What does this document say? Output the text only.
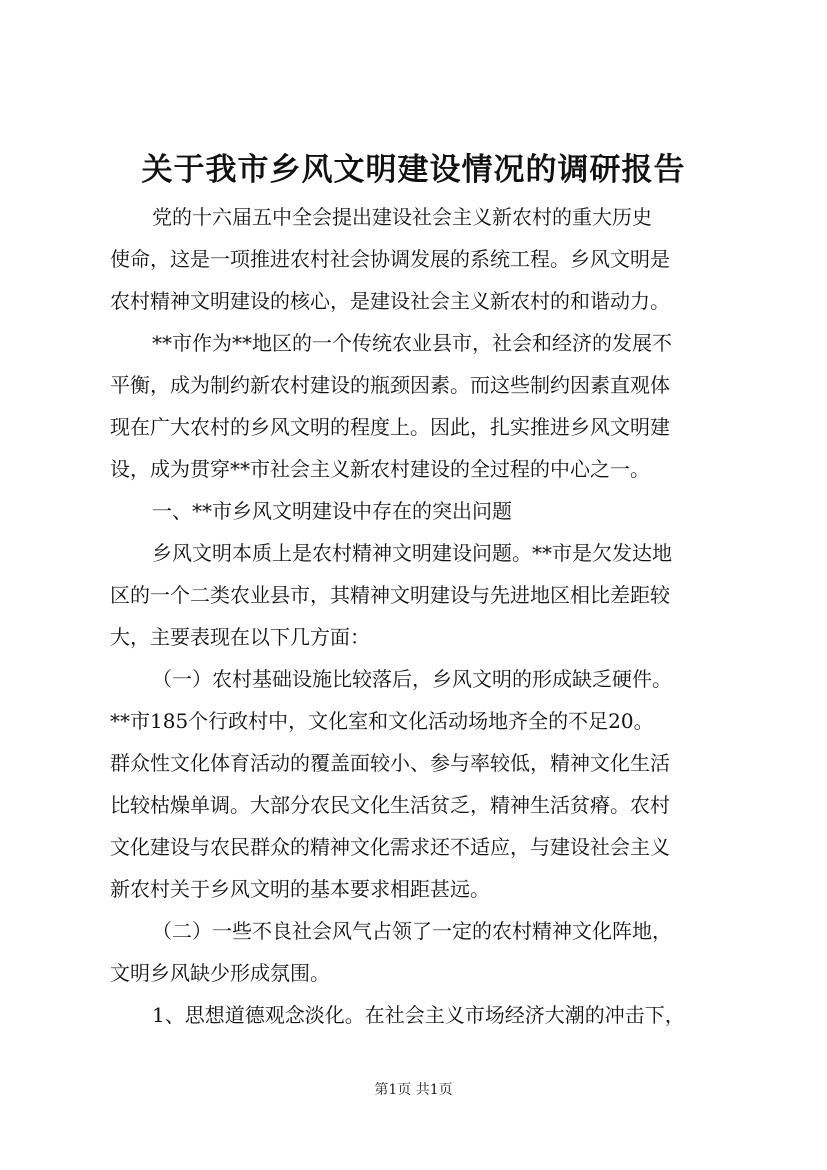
关于我市乡风文明建设情况的调研报告
党的十六届五中全会提出建设社会主义新农村的重大历史
使命，这是一项推进农村社会协调发展的系统工程。乡风文明是
农村精神文明建设的核心，是建设社会主义新农村的和谐动力。
**市作为**地区的一个传统农业县市，社会和经济的发展不
平衡，成为制约新农村建设的瓶颈因素。而这些制约因素直观体
现在广大农村的乡风文明的程度上。因此，扎实推进乡风文明建
设，成为贯穿**市社会主义新农村建设的全过程的中心之一。
一、**市乡风文明建设中存在的突出问题
乡风文明本质上是农村精神文明建设问题。**市是欠发达地
区的一个二类农业县市，其精神文明建设与先进地区相比差距较
大，主要表现在以下几方面：
（一）农村基础设施比较落后，乡风文明的形成缺乏硬件。
**市185个行政村中，文化室和文化活动场地齐全的不足20。
群众性文化体育活动的覆盖面较小、参与率较低，精神文化生活
比较枯燥单调。大部分农民文化生活贫乏，精神生活贫瘠。农村
文化建设与农民群众的精神文化需求还不适应，与建设社会主义
新农村关于乡风文明的基本要求相距甚远。
（二）一些不良社会风气占领了一定的农村精神文化阵地，
文明乡风缺少形成氛围。
1、思想道德观念淡化。在社会主义市场经济大潮的冲击下，
第1页 共1页
